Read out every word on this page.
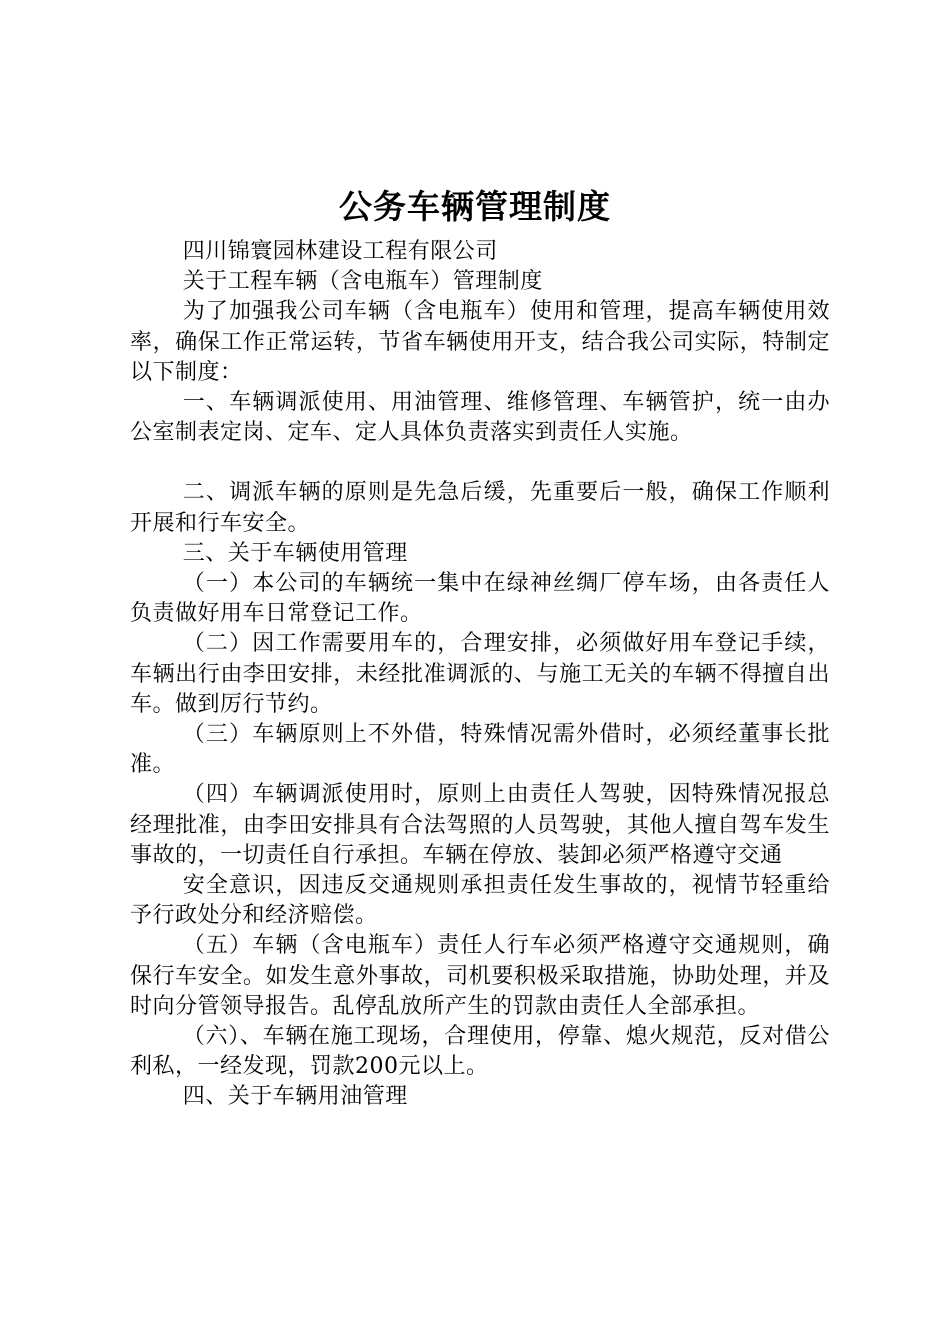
公务车辆管理制度

四川锦寰园林建设工程有限公司

关于工程车辆（含电瓶车）管理制度

为了加强我公司车辆（含电瓶车）使用和管理，提高车辆使用效率，确保工作正常运转，节省车辆使用开支，结合我公司实际，特制定以下制度：

一、车辆调派使用、用油管理、维修管理、车辆管护，统一由办公室制表定岗、定车、定人具体负责落实到责任人实施。

二、调派车辆的原则是先急后缓，先重要后一般，确保工作顺利开展和行车安全。

三、关于车辆使用管理

（一）本公司的车辆统一集中在绿神丝绸厂停车场，由各责任人负责做好用车日常登记工作。

（二）因工作需要用车的，合理安排，必须做好用车登记手续，车辆出行由李田安排，未经批准调派的、与施工无关的车辆不得擅自出车。做到厉行节约。

（三）车辆原则上不外借，特殊情况需外借时，必须经董事长批准。

（四）车辆调派使用时，原则上由责任人驾驶，因特殊情况报总经理批准，由李田安排具有合法驾照的人员驾驶，其他人擅自驾车发生事故的，一切责任自行承担。车辆在停放、装卸必须严格遵守交通

安全意识，因违反交通规则承担责任发生事故的，视情节轻重给予行政处分和经济赔偿。

（五）车辆（含电瓶车）责任人行车必须严格遵守交通规则，确保行车安全。如发生意外事故，司机要积极采取措施，协助处理，并及时向分管领导报告。乱停乱放所产生的罚款由责任人全部承担。

（六）、车辆在施工现场，合理使用，停靠、熄火规范，反对借公利私，一经发现，罚款200元以上。

四、关于车辆用油管理
